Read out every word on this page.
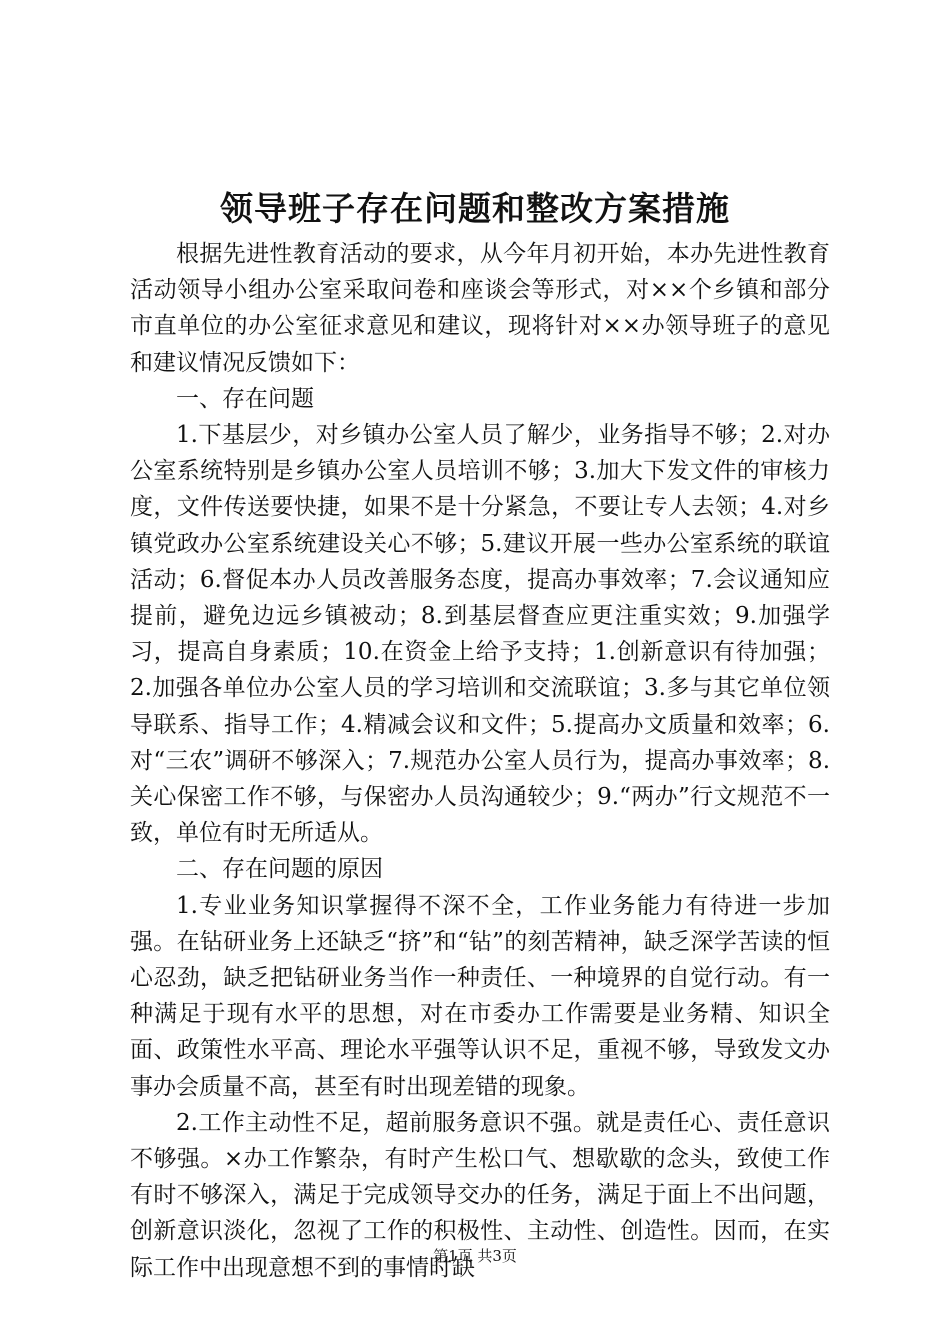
领导班子存在问题和整改方案措施

根据先进性教育活动的要求，从今年月初开始，本办先进性教育活动领导小组办公室采取问卷和座谈会等形式，对××个乡镇和部分市直单位的办公室征求意见和建议，现将针对××办领导班子的意见和建议情况反馈如下：

一、存在问题

1.下基层少，对乡镇办公室人员了解少，业务指导不够；2.对办公室系统特别是乡镇办公室人员培训不够；3.加大下发文件的审核力度，文件传送要快捷，如果不是十分紧急，不要让专人去领；4.对乡镇党政办公室系统建设关心不够；5.建议开展一些办公室系统的联谊活动；6.督促本办人员改善服务态度，提高办事效率；7.会议通知应提前，避免边远乡镇被动；8.到基层督查应更注重实效；9.加强学习，提高自身素质；10.在资金上给予支持；1.创新意识有待加强；2.加强各单位办公室人员的学习培训和交流联谊；3.多与其它单位领导联系、指导工作；4.精减会议和文件；5.提高办文质量和效率；6.对“三农”调研不够深入；7.规范办公室人员行为，提高办事效率；8.关心保密工作不够，与保密办人员沟通较少；9.“两办”行文规范不一致，单位有时无所适从。

二、存在问题的原因

1.专业业务知识掌握得不深不全，工作业务能力有待进一步加强。在钻研业务上还缺乏“挤”和“钻”的刻苦精神，缺乏深学苦读的恒心忍劲，缺乏把钻研业务当作一种责任、一种境界的自觉行动。有一种满足于现有水平的思想，对在市委办工作需要是业务精、知识全面、政策性水平高、理论水平强等认识不足，重视不够，导致发文办事办会质量不高，甚至有时出现差错的现象。

2.工作主动性不足，超前服务意识不强。就是责任心、责任意识不够强。×办工作繁杂，有时产生松口气、想歇歇的念头，致使工作有时不够深入，满足于完成领导交办的任务，满足于面上不出问题，创新意识淡化，忽视了工作的积极性、主动性、创造性。因而，在实际工作中出现意想不到的事情时缺

第1页 共3页
